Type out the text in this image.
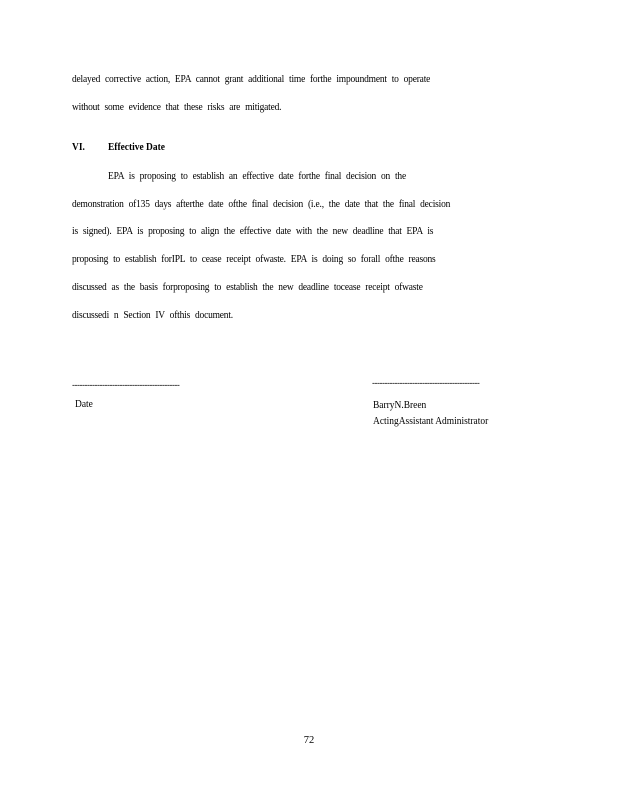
delayed corrective action, EPA cannot grant additional time forthe impoundment to operate
without some evidence that these risks are mitigated.
VI. Effective Date
EPA is proposing to establish an effective date forthe final decision on the
demonstration of135 days afterthe date ofthe final decision (i.e., the date that the final decision
is signed). EPA is proposing to align the effective date with the new deadline that EPA is
proposing to establish forIPL to cease receipt ofwaste. EPA is doing so forall ofthe reasons
discussed as the basis forproposing to establish the new deadline tocease receipt ofwaste
discussedi n Section IV ofthis document.
-------------------------------------------	-------------------------------------------
Date	BarryN.Breen
ActingAssistant Administrator
72
